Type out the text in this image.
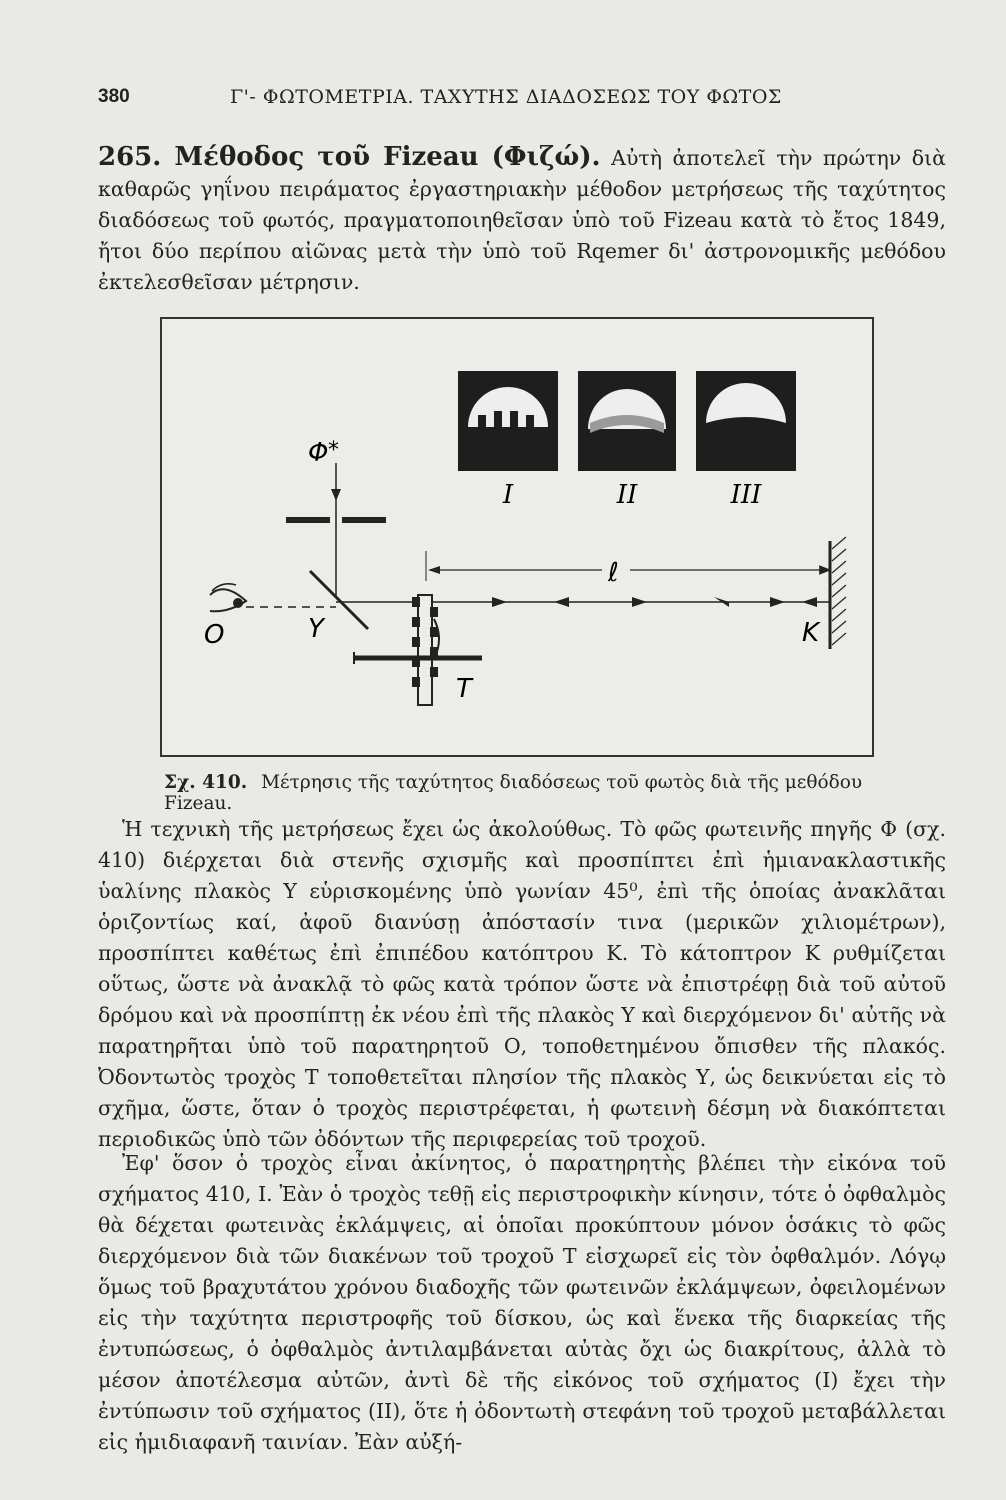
380	Γ'- ΦΩΤΟΜΕΤΡΙΑ. ΤΑΧΥΤΗΣ ΔΙΑΔΟΣΕΩΣ ΤΟΥ ΦΩΤΟΣ
265. Μέθοδος τοῦ Fizeau (Φιζώ). Αὐτὴ ἀποτελεῖ τὴν πρώτην διὰ καθαρῶς γηΐνου πειράματος ἐργαστηριακὴν μέθοδον μετρήσεως τῆς ταχύτητος διαδόσεως τοῦ φωτός, πραγματοποιηθεῖσαν ὑπὸ τοῦ Fizeau κατὰ τὸ ἔτος 1849, ἤτοι δύο περίπου αἰῶνας μετὰ τὴν ὑπὸ τοῦ Rqemer δι' ἀστρονομικῆς μεθόδου ἐκτελεσθεῖσαν μέτρησιν.
I	II	III
Φ *
ℓ
O	Y
T
K
Σχ. 410. Μέτρησις τῆς ταχύτητος διαδόσεως τοῦ φωτὸς διὰ τῆς μεθόδου Fizeau.
Ἡ τεχνικὴ τῆς μετρήσεως ἔχει ὡς ἀκολούθως. Τὸ φῶς φωτεινῆς πηγῆς Φ (σχ. 410) διέρχεται διὰ στενῆς σχισμῆς καὶ προσπίπτει ἐπὶ ἡμιανακλαστικῆς ὑαλίνης πλακὸς Υ εὑρισκομένης ὑπὸ γωνίαν 45⁰, ἐπὶ τῆς ὁποίας ἀνακλᾶται ὁριζοντίως καί, ἀφοῦ διανύσῃ ἀπόστασίν τινα (μερικῶν χιλιομέτρων), προσπίπτει καθέτως ἐπὶ ἐπιπέδου κατόπτρου Κ. Τὸ κάτοπτρον Κ ρυθμίζεται οὕτως, ὥστε νὰ ἀνακλᾷ τὸ φῶς κατὰ τρόπον ὥστε νὰ ἐπιστρέφῃ διὰ τοῦ αὐτοῦ δρόμου καὶ νὰ προσπίπτῃ ἐκ νέου ἐπὶ τῆς πλακὸς Υ καὶ διερχόμενον δι' αὐτῆς νὰ παρατηρῆται ὑπὸ τοῦ παρατηρητοῦ Ο, τοποθετημένου ὄπισθεν τῆς πλακός. Ὀδοντωτὸς τροχὸς Τ τοποθετεῖται πλησίον τῆς πλακὸς Υ, ὡς δεικνύεται εἰς τὸ σχῆμα, ὥστε, ὅταν ὁ τροχὸς περιστρέφεται, ἡ φωτεινὴ δέσμη νὰ διακόπτεται περιοδικῶς ὑπὸ τῶν ὀδόντων τῆς περιφερείας τοῦ τροχοῦ.
Ἐφ' ὅσον ὁ τροχὸς εἶναι ἀκίνητος, ὁ παρατηρητὴς βλέπει τὴν εἰκόνα τοῦ σχήματος 410, Ι. Ἐὰν ὁ τροχὸς τεθῇ εἰς περιστροφικὴν κίνησιν, τότε ὁ ὀφθαλμὸς θὰ δέχεται φωτεινὰς ἐκλάμψεις, αἱ ὁποῖαι προκύπτουν μόνον ὁσάκις τὸ φῶς διερχόμενον διὰ τῶν διακένων τοῦ τροχοῦ Τ εἰσχωρεῖ εἰς τὸν ὀφθαλμόν. Λόγῳ ὅμως τοῦ βραχυτάτου χρόνου διαδοχῆς τῶν φωτεινῶν ἐκλάμψεων, ὀφειλομένων εἰς τὴν ταχύτητα περιστροφῆς τοῦ δίσκου, ὡς καὶ ἕνεκα τῆς διαρκείας τῆς ἐντυπώσεως, ὁ ὀφθαλμὸς ἀντιλαμβάνεται αὐτὰς ὄχι ὡς διακρίτους, ἀλλὰ τὸ μέσον ἀποτέλεσμα αὐτῶν, ἀντὶ δὲ τῆς εἰκόνος τοῦ σχήματος (Ι) ἔχει τὴν ἐντύπωσιν τοῦ σχήματος (ΙΙ), ὅτε ἡ ὀδοντωτὴ στεφάνη τοῦ τροχοῦ μεταβάλλεται εἰς ἡμιδιαφανῆ ταινίαν. Ἐὰν αὐξή-
